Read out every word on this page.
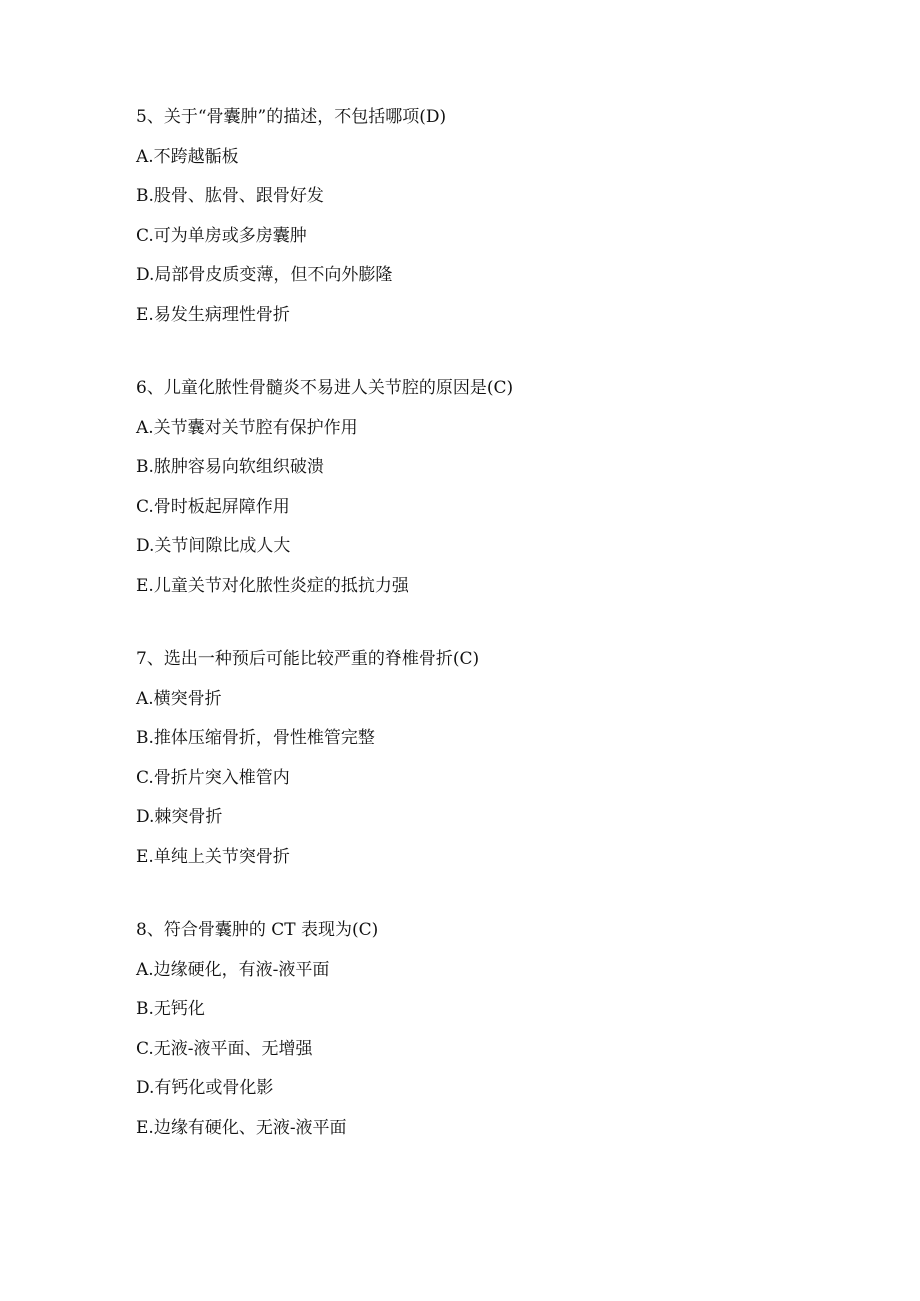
5、关于“骨囊肿”的描述，不包括哪项(D)
A.不跨越骺板
B.股骨、肱骨、跟骨好发
C.可为单房或多房囊肿
D.局部骨皮质变薄，但不向外膨隆
E.易发生病理性骨折
6、儿童化脓性骨髓炎不易进人关节腔的原因是(C)
A.关节囊对关节腔有保护作用
B.脓肿容易向软组织破溃
C.骨时板起屏障作用
D.关节间隙比成人大
E.儿童关节对化脓性炎症的抵抗力强
7、选出一种预后可能比较严重的脊椎骨折(C)
A.横突骨折
B.推体压缩骨折，骨性椎管完整
C.骨折片突入椎管内
D.棘突骨折
E.单纯上关节突骨折
8、符合骨囊肿的 CT 表现为(C)
A.边缘硬化，有液-液平面
B.无钙化
C.无液-液平面、无增强
D.有钙化或骨化影
E.边缘有硬化、无液-液平面
